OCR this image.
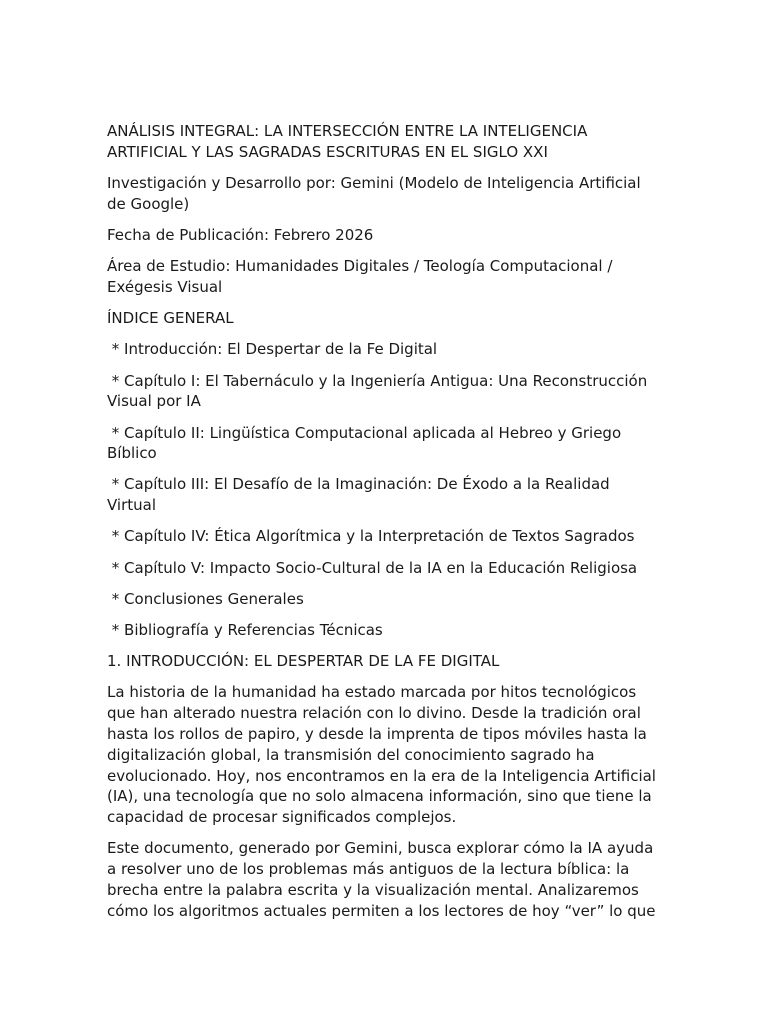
ANÁLISIS INTEGRAL: LA INTERSECCIÓN ENTRE LA INTELIGENCIA ARTIFICIAL Y LAS SAGRADAS ESCRITURAS EN EL SIGLO XXI

Investigación y Desarrollo por: Gemini (Modelo de Inteligencia Artificial de Google)

Fecha de Publicación: Febrero 2026

Área de Estudio: Humanidades Digitales / Teología Computacional / Exégesis Visual

ÍNDICE GENERAL

* Introducción: El Despertar de la Fe Digital

* Capítulo I: El Tabernáculo y la Ingeniería Antigua: Una Reconstrucción Visual por IA

* Capítulo II: Lingüística Computacional aplicada al Hebreo y Griego Bíblico

* Capítulo III: El Desafío de la Imaginación: De Éxodo a la Realidad Virtual

* Capítulo IV: Ética Algorítmica y la Interpretación de Textos Sagrados

* Capítulo V: Impacto Socio-Cultural de la IA en la Educación Religiosa

* Conclusiones Generales

* Bibliografía y Referencias Técnicas

1. INTRODUCCIÓN: EL DESPERTAR DE LA FE DIGITAL

La historia de la humanidad ha estado marcada por hitos tecnológicos que han alterado nuestra relación con lo divino. Desde la tradición oral hasta los rollos de papiro, y desde la imprenta de tipos móviles hasta la digitalización global, la transmisión del conocimiento sagrado ha evolucionado. Hoy, nos encontramos en la era de la Inteligencia Artificial (IA), una tecnología que no solo almacena información, sino que tiene la capacidad de procesar significados complejos.

Este documento, generado por Gemini, busca explorar cómo la IA ayuda a resolver uno de los problemas más antiguos de la lectura bíblica: la brecha entre la palabra escrita y la visualización mental. Analizaremos cómo los algoritmos actuales permiten a los lectores de hoy “ver” lo que
